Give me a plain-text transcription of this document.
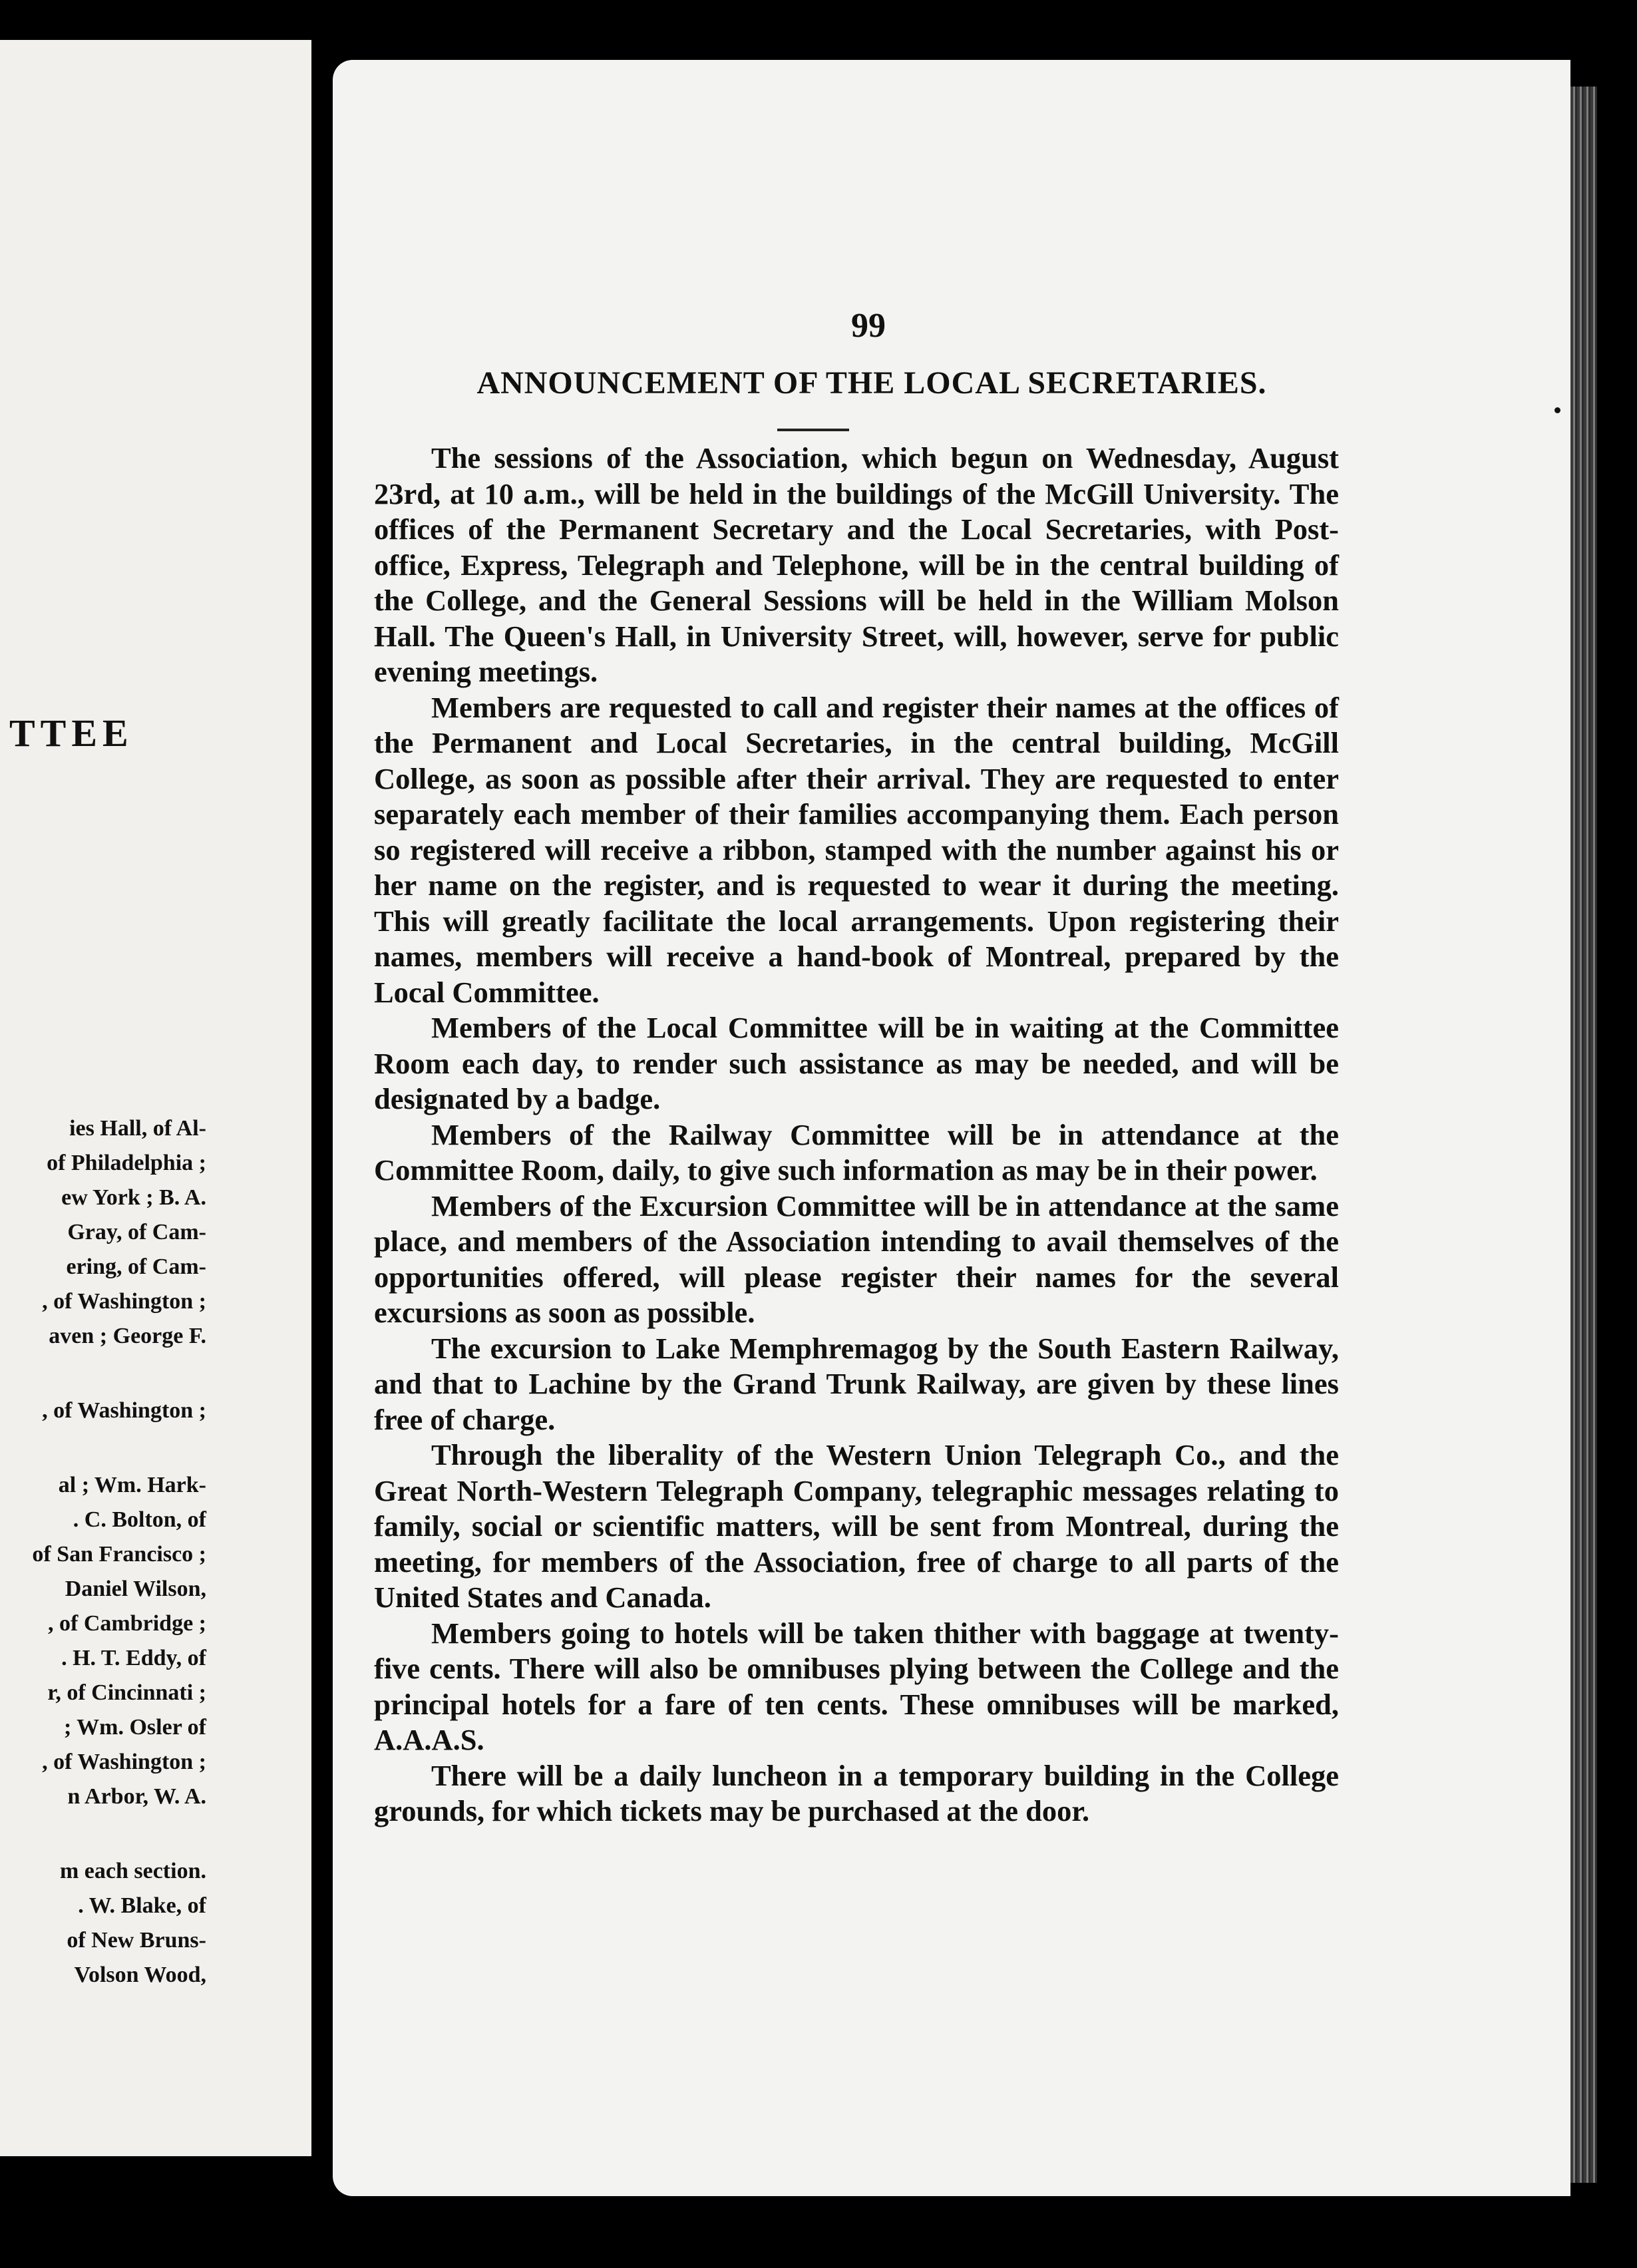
TTEE
ies Hall, of Al-
of Philadelphia ;
ew York ; B. A.
Gray, of Cam-
ering, of Cam-
, of Washington ;
aven ; George F.
, of Washington ;
al ; Wm. Hark-
. C. Bolton, of
of San Francisco ;
Daniel Wilson,
, of Cambridge ;
. H. T. Eddy, of
r, of Cincinnati ;
; Wm. Osler of
, of Washington ;
n Arbor, W. A.
m each section.
. W. Blake, of
of New Bruns-
Volson Wood,
99
ANNOUNCEMENT OF THE LOCAL SECRETARIES.

The sessions of the Association, which begun on Wednesday, August 23rd, at 10 a.m., will be held in the buildings of the McGill University. The offices of the Permanent Secretary and the Local Secretaries, with Post-office, Express, Telegraph and Telephone, will be in the central building of the College, and the General Sessions will be held in the William Molson Hall. The Queen's Hall, in University Street, will, however, serve for public evening meetings.

Members are requested to call and register their names at the offices of the Permanent and Local Secretaries, in the central building, McGill College, as soon as possible after their arrival. They are requested to enter separately each member of their families accompanying them. Each person so registered will receive a ribbon, stamped with the number against his or her name on the register, and is requested to wear it during the meeting. This will greatly facilitate the local arrangements. Upon registering their names, members will receive a hand-book of Montreal, prepared by the Local Committee.

Members of the Local Committee will be in waiting at the Committee Room each day, to render such assistance as may be needed, and will be designated by a badge.

Members of the Railway Committee will be in attendance at the Committee Room, daily, to give such information as may be in their power.

Members of the Excursion Committee will be in attendance at the same place, and members of the Association intending to avail themselves of the opportunities offered, will please register their names for the several excursions as soon as possible.

The excursion to Lake Memphremagog by the South Eastern Railway, and that to Lachine by the Grand Trunk Railway, are given by these lines free of charge.

Through the liberality of the Western Union Telegraph Co., and the Great North-Western Telegraph Company, telegraphic messages relating to family, social or scientific matters, will be sent from Montreal, during the meeting, for members of the Association, free of charge to all parts of the United States and Canada.

Members going to hotels will be taken thither with baggage at twenty-five cents. There will also be omnibuses plying between the College and the principal hotels for a fare of ten cents. These omnibuses will be marked, A.A.A.S.

There will be a daily luncheon in a temporary building in the College grounds, for which tickets may be purchased at the door.
